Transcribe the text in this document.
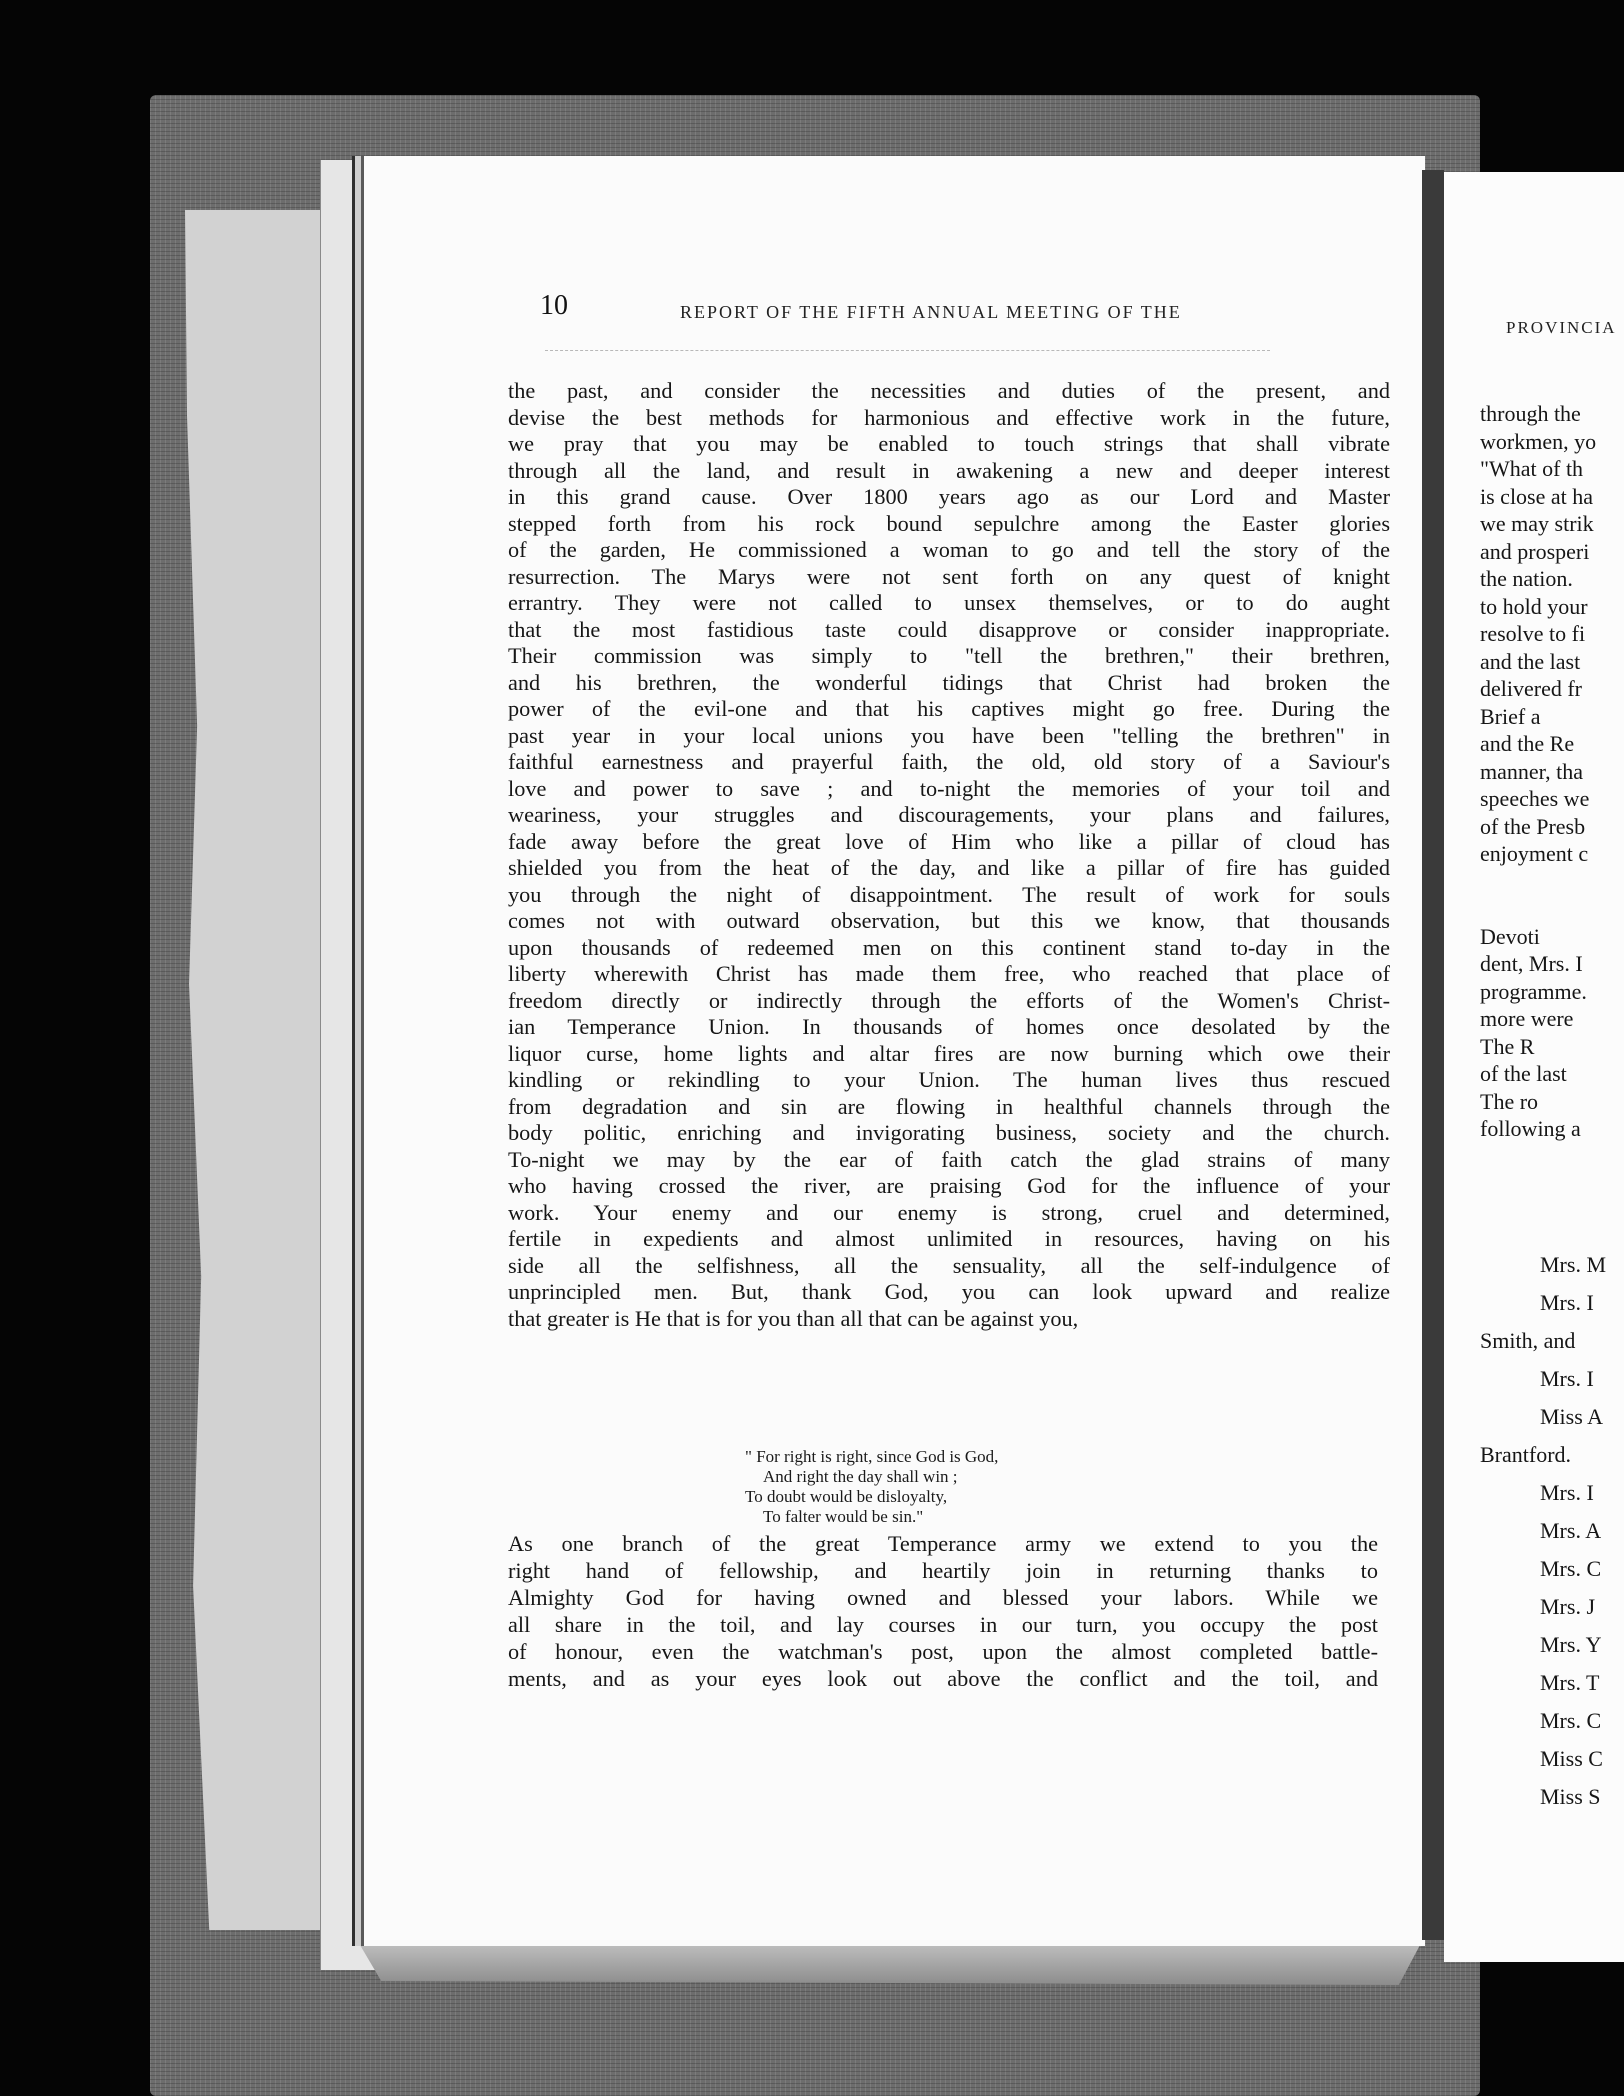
10	REPORT OF THE FIFTH ANNUAL MEETING OF THE
the past, and consider the necessities and duties of the present, and
devise the best methods for harmonious and effective work in the future,
we pray that you may be enabled to touch strings that shall vibrate
through all the land, and result in awakening a new and deeper interest
in this grand cause. Over 1800 years ago as our Lord and Master
stepped forth from his rock bound sepulchre among the Easter glories
of the garden, He commissioned a woman to go and tell the story of the
resurrection. The Marys were not sent forth on any quest of knight
errantry. They were not called to unsex themselves, or to do aught
that the most fastidious taste could disapprove or consider inappropriate.
Their commission was simply to "tell the brethren," their brethren,
and his brethren, the wonderful tidings that Christ had broken the
power of the evil-one and that his captives might go free. During the
past year in your local unions you have been "telling the brethren" in
faithful earnestness and prayerful faith, the old, old story of a Saviour's
love and power to save ; and to-night the memories of your toil and
weariness, your struggles and discouragements, your plans and failures,
fade away before the great love of Him who like a pillar of cloud has
shielded you from the heat of the day, and like a pillar of fire has guided
you through the night of disappointment. The result of work for souls
comes not with outward observation, but this we know, that thousands
upon thousands of redeemed men on this continent stand to-day in the
liberty wherewith Christ has made them free, who reached that place of
freedom directly or indirectly through the efforts of the Women's Christ-
ian Temperance Union. In thousands of homes once desolated by the
liquor curse, home lights and altar fires are now burning which owe their
kindling or rekindling to your Union. The human lives thus rescued
from degradation and sin are flowing in healthful channels through the
body politic, enriching and invigorating business, society and the church.
To-night we may by the ear of faith catch the glad strains of many
who having crossed the river, are praising God for the influence of your
work. Your enemy and our enemy is strong, cruel and determined,
fertile in expedients and almost unlimited in resources, having on his
side all the selfishness, all the sensuality, all the self-indulgence of
unprincipled men. But, thank God, you can look upward and realize
that greater is He that is for you than all that can be against you,
" For right is right, since God is God,
And right the day shall win ;
To doubt would be disloyalty,
To falter would be sin."
As one branch of the great Temperance army we extend to you the
right hand of fellowship, and heartily join in returning thanks to
Almighty God for having owned and blessed your labors. While we
all share in the toil, and lay courses in our turn, you occupy the post
of honour, even the watchman's post, upon the almost completed battle-
ments, and as your eyes look out above the conflict and the toil, and
PROVINCIA
through the
workmen, yo
"What of th
is close at ha
we may strik
and prosperi
the nation.
to hold your
resolve to fi
and the last
delivered fr
Brief a
and the Re
manner, tha
speeches we
of the Presb
enjoyment c
Devoti
dent, Mrs. I
programme.
more were
The R
of the last
The ro
following a
Mrs. M
Mrs. I
Smith, and
Mrs. I
Miss A
Brantford.
Mrs. I
Mrs. A
Mrs. C
Mrs. J
Mrs. Y
Mrs. T
Mrs. C
Miss C
Miss S
